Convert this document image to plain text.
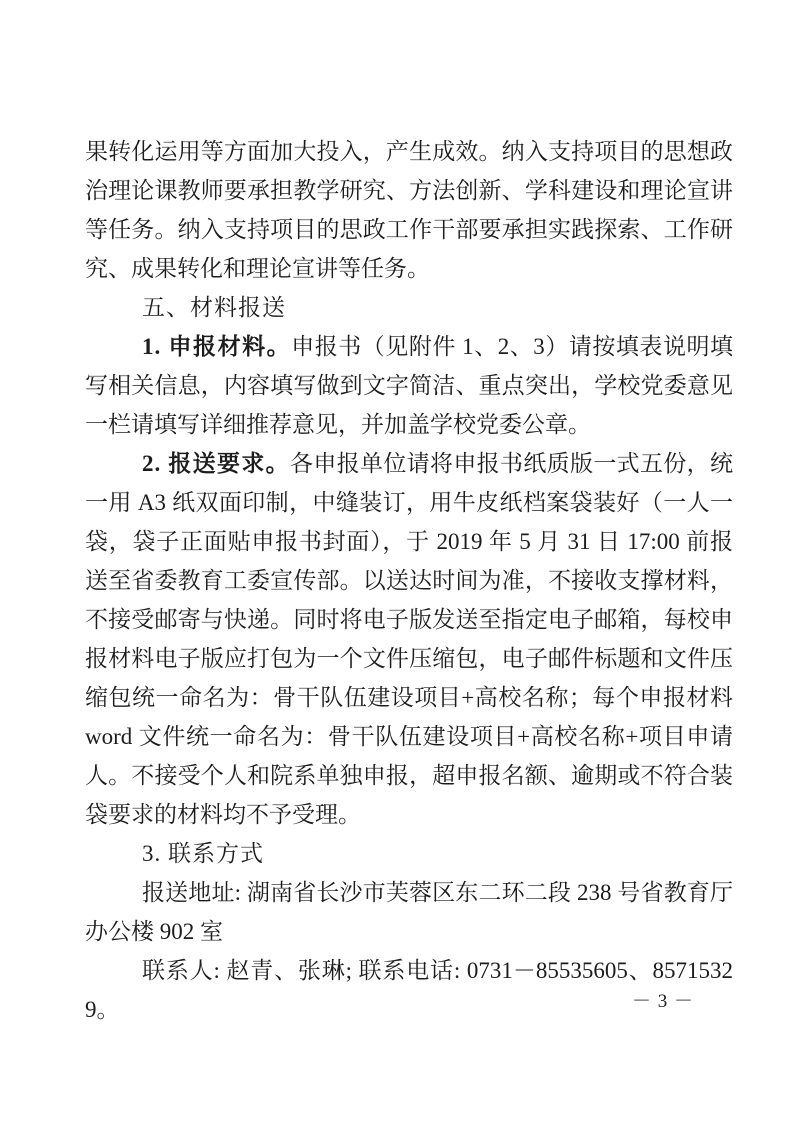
果转化运用等方面加大投入，产生成效。纳入支持项目的思想政治理论课教师要承担教学研究、方法创新、学科建设和理论宣讲等任务。纳入支持项目的思政工作干部要承担实践探索、工作研究、成果转化和理论宣讲等任务。

五、材料报送

1. 申报材料。申报书（见附件 1、2、3）请按填表说明填写相关信息，内容填写做到文字简洁、重点突出，学校党委意见一栏请填写详细推荐意见，并加盖学校党委公章。

2. 报送要求。各申报单位请将申报书纸质版一式五份，统一用 A3 纸双面印制，中缝装订，用牛皮纸档案袋装好（一人一袋，袋子正面贴申报书封面），于 2019 年 5 月 31 日 17:00 前报送至省委教育工委宣传部。以送达时间为准，不接收支撑材料，不接受邮寄与快递。同时将电子版发送至指定电子邮箱，每校申报材料电子版应打包为一个文件压缩包，电子邮件标题和文件压缩包统一命名为：骨干队伍建设项目+高校名称；每个申报材料 word 文件统一命名为：骨干队伍建设项目+高校名称+项目申请人。不接受个人和院系单独申报，超申报名额、逾期或不符合装袋要求的材料均不予受理。

3. 联系方式

报送地址: 湖南省长沙市芙蓉区东二环二段 238 号省教育厅办公楼 902 室

联系人: 赵青、张琳; 联系电话: 0731－85535605、85715329。	－ 3 －
